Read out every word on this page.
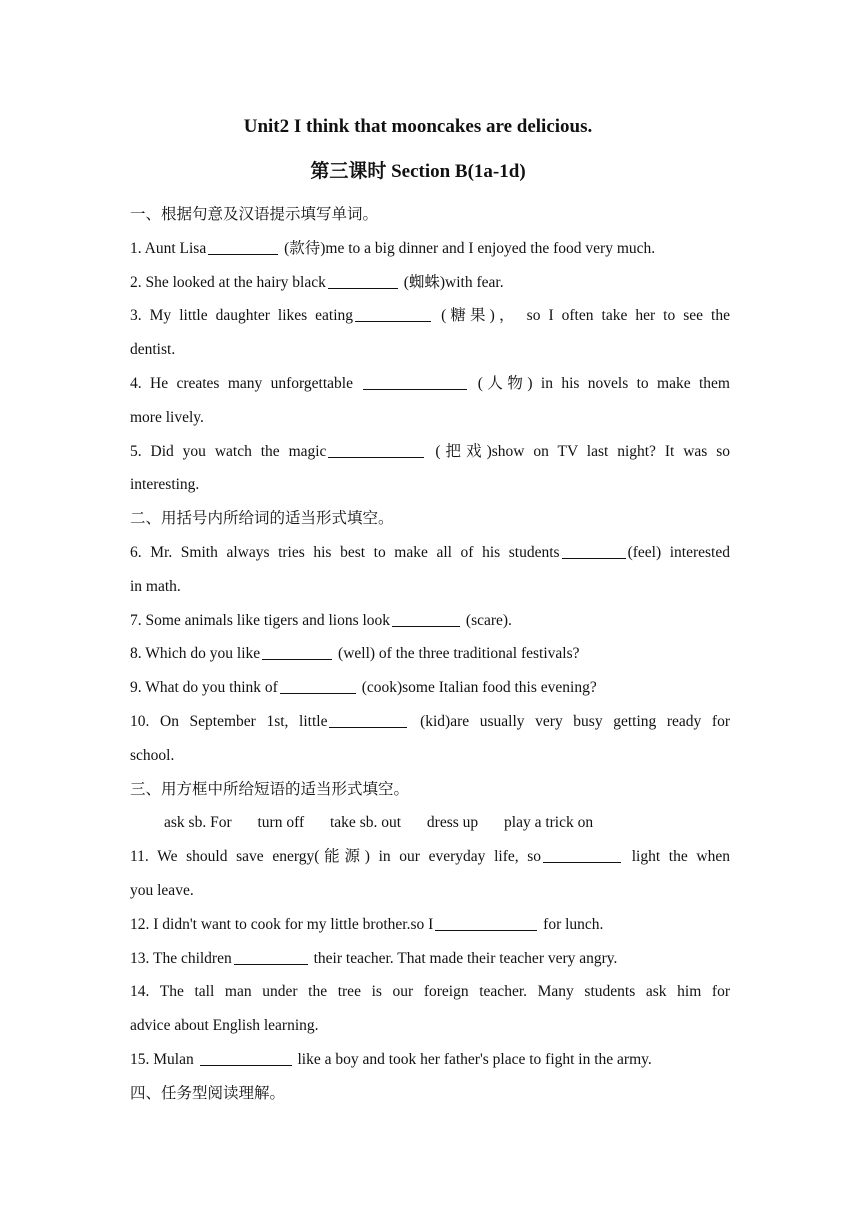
Unit2 I think that mooncakes are delicious.
第三课时 Section B(1a-1d)
一、根据句意及汉语提示填写单词。
1. Aunt Lisa	(款待)me to a big dinner and I enjoyed the food very much.
2. She looked at the hairy black	(蜘蛛)with fear.
3. My little daughter likes eating	(糖果)， so I often take her to see the
dentist.
4. He creates many unforgettable	(人物) in his novels to make them
more lively.
5. Did you watch the magic	(把戏)show on TV last night? It was so
interesting.
二、用括号内所给词的适当形式填空。
6. Mr. Smith always tries his best to make all of his students	(feel) interested
in math.
7. Some animals like tigers and lions look	(scare).
8. Which do you like	(well) of the three traditional festivals?
9. What do you think of	(cook)some Italian food this evening?
10. On September 1st, little	(kid)are usually very busy getting ready for
school.
三、用方框中所给短语的适当形式填空。
ask sb. For turn off take sb. out dress up play a trick on
11. We should save energy(能源) in our everyday life, so	light the when
you leave.
12. I didn't want to cook for my little brother.so I	for lunch.
13. The children	their teacher. That made their teacher very angry.
14. The tall man under the tree is our foreign teacher. Many students ask him for
advice about English learning.
15. Mulan	like a boy and took her father's place to fight in the army.
四、任务型阅读理解。
